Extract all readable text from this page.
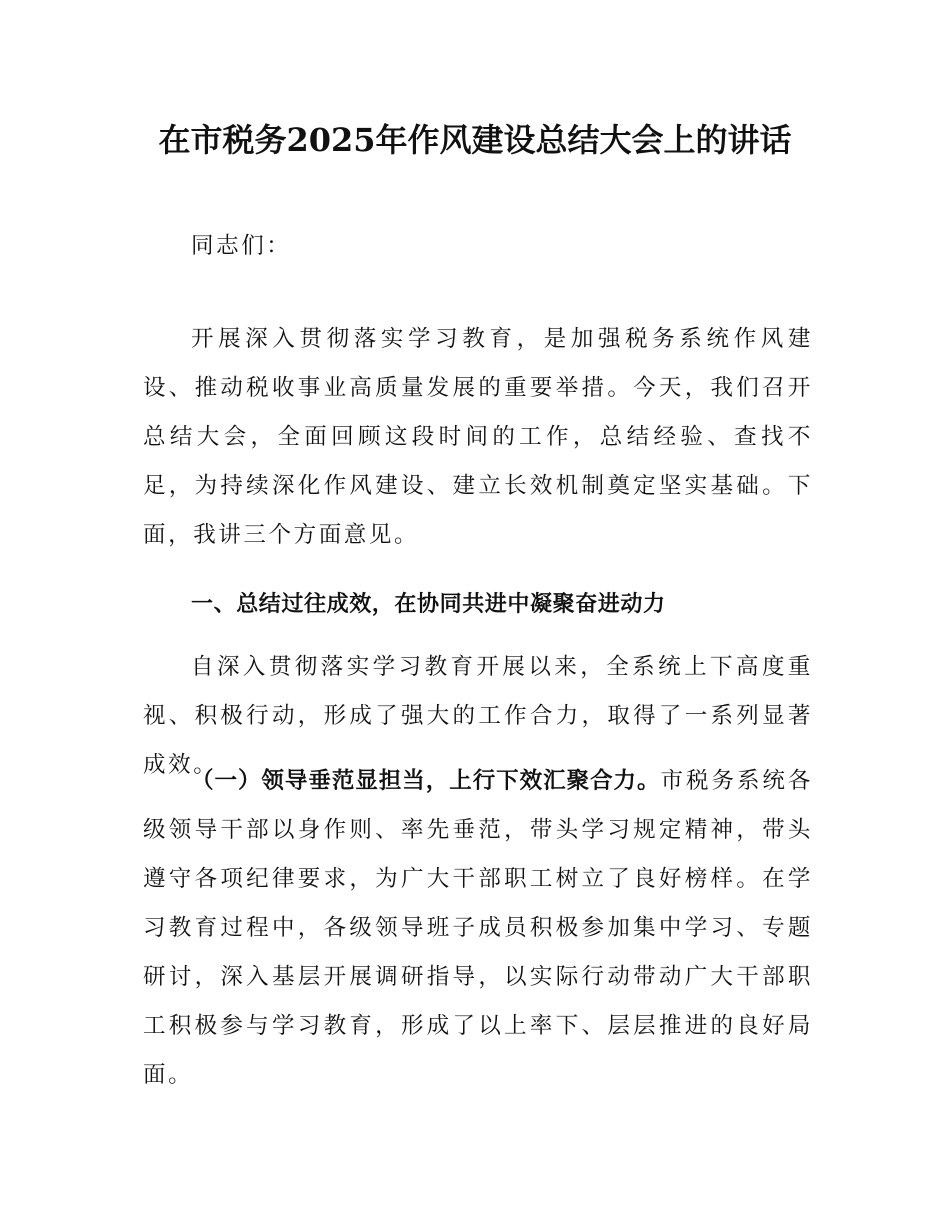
在市税务2025年作风建设总结大会上的讲话

同志们：

开展深入贯彻落实学习教育，是加强税务系统作风建设、推动税收事业高质量发展的重要举措。今天，我们召开总结大会，全面回顾这段时间的工作，总结经验、查找不足，为持续深化作风建设、建立长效机制奠定坚实基础。下面，我讲三个方面意见。

一、总结过往成效，在协同共进中凝聚奋进动力

自深入贯彻落实学习教育开展以来，全系统上下高度重视、积极行动，形成了强大的工作合力，取得了一系列显著成效。

（一）领导垂范显担当，上行下效汇聚合力。市税务系统各级领导干部以身作则、率先垂范，带头学习规定精神，带头遵守各项纪律要求，为广大干部职工树立了良好榜样。在学习教育过程中，各级领导班子成员积极参加集中学习、专题研讨，深入基层开展调研指导，以实际行动带动广大干部职工积极参与学习教育，形成了以上率下、层层推进的良好局面。
